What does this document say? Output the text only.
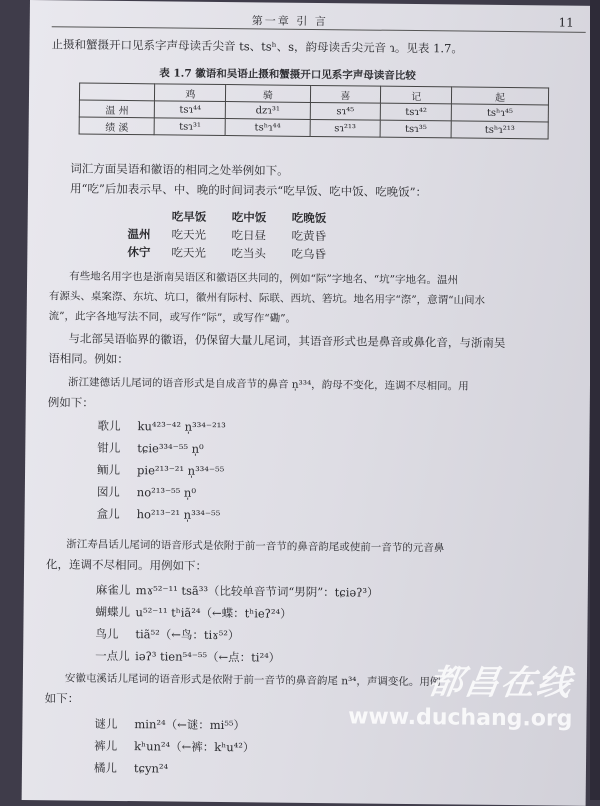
第一章 引 言	11
止摄和蟹摄开口见系字声母读舌尖音 ts、tsʰ、s，韵母读舌尖元音 ɿ。见表 1.7。
表 1.7 徽语和吴语止摄和蟹摄开口见系字声母读音比较
	鸡	骑	喜	记	起
温 州	tsɿ⁴⁴	dzɿ³¹	sɿ⁴⁵	tsɿ⁴²	tsʰɿ⁴⁵
绩 溪	tsɿ³¹	tsʰɿ⁴⁴	sɿ²¹³	tsɿ³⁵	tsʰɿ²¹³
词汇方面吴语和徽语的相同之处举例如下。
用“吃”后加表示早、中、晚的时间词表示“吃早饭、吃中饭、吃晚饭”：
吃早饭	吃中饭	吃晚饭
温州	吃天光	吃日昼	吃黄昏
休宁	吃天光	吃当头	吃乌昏
有些地名用字也是浙南吴语区和徽语区共同的，例如“际”字地名、“坑”字地名。温州
有源头、桌案漈、东坑、坑口，徽州有际村、际联、西坑、箬坑。地名用字“漈”，意谓“山间水
流”，此字各地写法不同，或写作“际”，或写作“磡”。
与北部吴语临界的徽语，仍保留大量儿尾词，其语音形式也是鼻音或鼻化音，与浙南吴
语相同。例如：
浙江建德话儿尾词的语音形式是自成音节的鼻音 n̩³³⁴，韵母不变化，连调不尽相同。用
例如下：
歌儿 ku⁴²³⁻⁴² n̩³³⁴⁻²¹³
钳儿 tɕie³³⁴⁻⁵⁵ n̩⁰
鲕儿 pie²¹³⁻²¹ n̩³³⁴⁻⁵⁵
囡儿 no²¹³⁻⁵⁵ n̩⁰
盒儿 ho²¹³⁻²¹ n̩³³⁴⁻⁵⁵
浙江寿昌话儿尾词的语音形式是依附于前一音节的鼻音韵尾或使前一音节的元音鼻
化，连调不尽相同。用例如下：
麻雀儿 mɤ⁵²⁻¹¹ tsã³³（比较单音节词“男阴”：tɕiəʔ³）
蝴蝶儿 u⁵²⁻¹¹ tʰiã²⁴（←蝶：tʰieʔ²⁴）
鸟儿 tiã⁵²（←鸟：tiɤ⁵²）
一点儿 iəʔ³ tien⁵⁴⁻⁵⁵（←点：ti²⁴）
安徽屯溪话儿尾词的语音形式是依附于前一音节的鼻音韵尾 n³⁴，声调变化。用例
如下：
谜儿 min²⁴（←谜：mi⁵⁵）
裤儿 kʰun²⁴（←裤：kʰu⁴²）
橘儿 tɕyn²⁴
都昌在线
www.duchang.org
